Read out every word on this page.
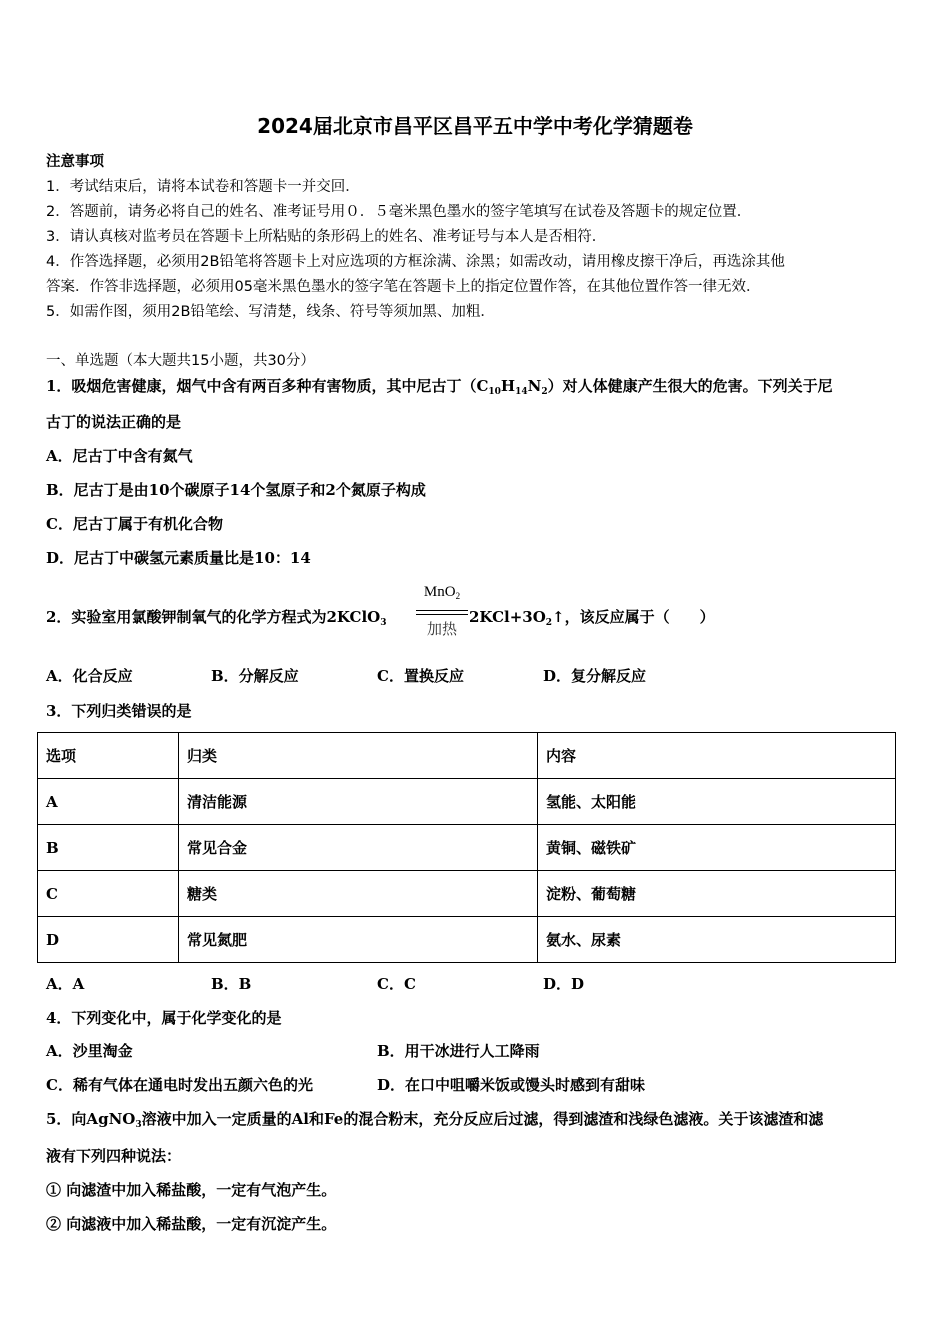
2024届北京市昌平区昌平五中学中考化学猜题卷
注意事项
1．考试结束后，请将本试卷和答题卡一并交回．
2．答题前，请务必将自己的姓名、准考证号用０．５毫米黑色墨水的签字笔填写在试卷及答题卡的规定位置．
3．请认真核对监考员在答题卡上所粘贴的条形码上的姓名、准考证号与本人是否相符．
4．作答选择题，必须用2B铅笔将答题卡上对应选项的方框涂满、涂黑；如需改动，请用橡皮擦干净后，再选涂其他
答案．作答非选择题，必须用05毫米黑色墨水的签字笔在答题卡上的指定位置作答，在其他位置作答一律无效．
5．如需作图，须用2B铅笔绘、写清楚，线条、符号等须加黑、加粗．
一、单选题（本大题共15小题，共30分）
1．吸烟危害健康，烟气中含有两百多种有害物质，其中尼古丁$(C_{10}H_{14}N_2)$对人体健康产生很大的危害。下列关于尼
古丁的说法正确的是
A．尼古丁中含有氮气
B．尼古丁是由10个碳原子14个氢原子和2个氮原子构成
C．尼古丁属于有机化合物
D．尼古丁中碳氢元素质量比是10：14
2．实验室用氯酸钾制氧气的化学方程式为2KClO$_3$
MnO$_2$
加热
$2KCl+3O_2↑$，该反应属于（　　）
A．化合反应	B．分解反应	C．置换反应	D．复分解反应
3．下列归类错误的是
选项	归类	内容
A	清洁能源	氢能、太阳能
B	常见合金	黄铜、磁铁矿
C	糖类	淀粉、葡萄糖
D	常见氮肥	氨水、尿素
A．A	B．B	C．C	D．D
4．下列变化中，属于化学变化的是
A．沙里淘金	B．用干冰进行人工降雨
C．稀有气体在通电时发出五颜六色的光	D．在口中咀嚼米饭或馒头时感到有甜味
5．向AgNO$_3$溶液中加入一定质量的Al和Fe的混合粉末，充分反应后过滤，得到滤渣和浅绿色滤液。关于该滤渣和滤
液有下列四种说法：
① 向滤渣中加入稀盐酸，一定有气泡产生。
② 向滤液中加入稀盐酸，一定有沉淀产生。
